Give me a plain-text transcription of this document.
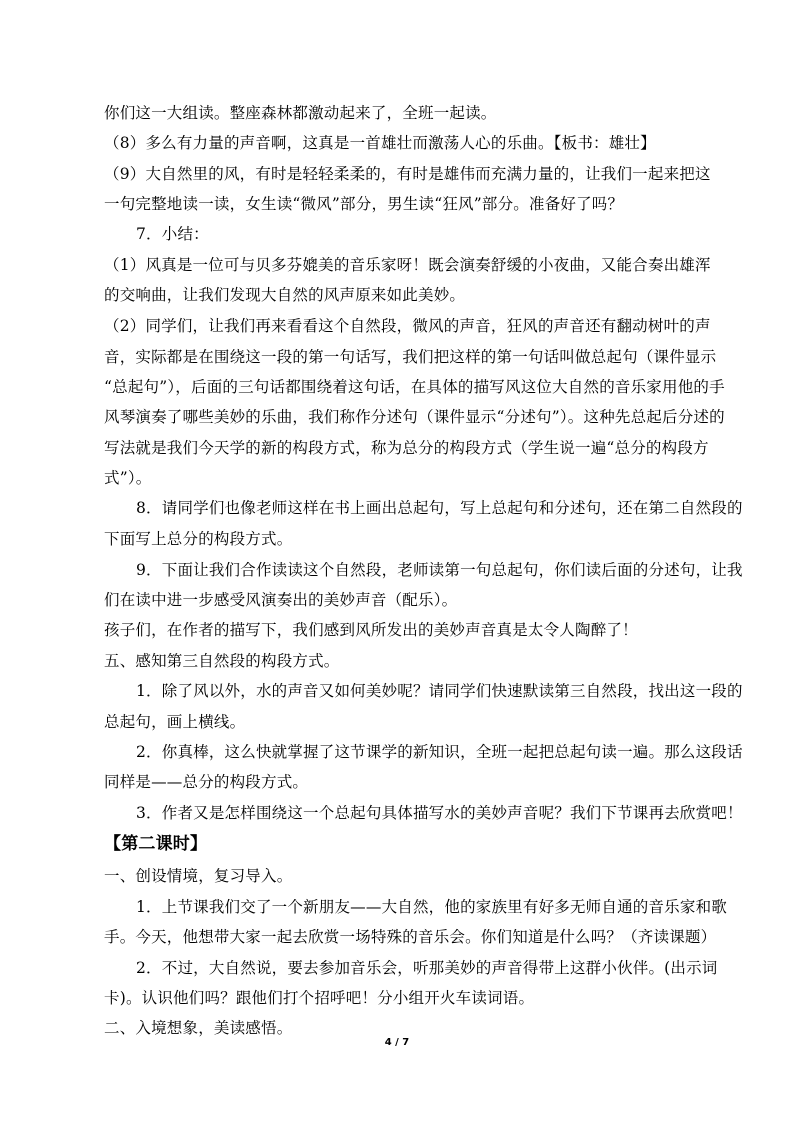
你们这一大组读。整座森林都激动起来了，全班一起读。
（8）多么有力量的声音啊，这真是一首雄壮而激荡人心的乐曲。【板书：雄壮】
（9）大自然里的风，有时是轻轻柔柔的，有时是雄伟而充满力量的，让我们一起来把这
一句完整地读一读，女生读“微风”部分，男生读“狂风”部分。准备好了吗？
7．小结：
（1）风真是一位可与贝多芬媲美的音乐家呀！既会演奏舒缓的小夜曲，又能合奏出雄浑
的交响曲，让我们发现大自然的风声原来如此美妙。
（2）同学们，让我们再来看看这个自然段，微风的声音，狂风的声音还有翻动树叶的声
音，实际都是在围绕这一段的第一句话写，我们把这样的第一句话叫做总起句（课件显示
“总起句”），后面的三句话都围绕着这句话，在具体的描写风这位大自然的音乐家用他的手
风琴演奏了哪些美妙的乐曲，我们称作分述句（课件显示“分述句”）。这种先总起后分述的
写法就是我们今天学的新的构段方式，称为总分的构段方式（学生说一遍“总分的构段方
式”）。
8．请同学们也像老师这样在书上画出总起句，写上总起句和分述句，还在第二自然段的
下面写上总分的构段方式。
9．下面让我们合作读读这个自然段，老师读第一句总起句，你们读后面的分述句，让我
们在读中进一步感受风演奏出的美妙声音（配乐）。
孩子们，在作者的描写下，我们感到风所发出的美妙声音真是太令人陶醉了！
五、感知第三自然段的构段方式。
1．除了风以外，水的声音又如何美妙呢？请同学们快速默读第三自然段，找出这一段的
总起句，画上横线。
2．你真棒，这么快就掌握了这节课学的新知识，全班一起把总起句读一遍。那么这段话
同样是——总分的构段方式。
3．作者又是怎样围绕这一个总起句具体描写水的美妙声音呢？我们下节课再去欣赏吧！
【第二课时】
一、创设情境，复习导入。
1．上节课我们交了一个新朋友——大自然，他的家族里有好多无师自通的音乐家和歌
手。今天，他想带大家一起去欣赏一场特殊的音乐会。你们知道是什么吗？（齐读课题）
2．不过，大自然说，要去参加音乐会，听那美妙的声音得带上这群小伙伴。(出示词
卡)。认识他们吗？跟他们打个招呼吧！分小组开火车读词语。
二、入境想象，美读感悟。
4 / 7
